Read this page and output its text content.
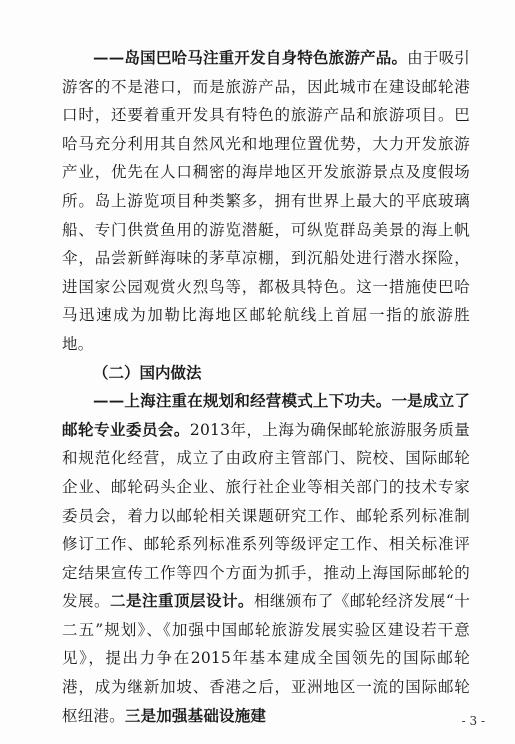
——岛国巴哈马注重开发自身特色旅游产品。由于吸引游客的不是港口，而是旅游产品，因此城市在建设邮轮港口时，还要着重开发具有特色的旅游产品和旅游项目。巴哈马充分利用其自然风光和地理位置优势，大力开发旅游产业，优先在人口稠密的海岸地区开发旅游景点及度假场所。岛上游览项目种类繁多，拥有世界上最大的平底玻璃船、专门供赏鱼用的游览潜艇，可纵览群岛美景的海上帆伞，品尝新鲜海味的茅草凉棚，到沉船处进行潜水探险，进国家公园观赏火烈鸟等，都极具特色。这一措施使巴哈马迅速成为加勒比海地区邮轮航线上首屈一指的旅游胜地。

（二）国内做法

——上海注重在规划和经营模式上下功夫。一是成立了邮轮专业委员会。2013年，上海为确保邮轮旅游服务质量和规范化经营，成立了由政府主管部门、院校、国际邮轮企业、邮轮码头企业、旅行社企业等相关部门的技术专家委员会，着力以邮轮相关课题研究工作、邮轮系列标准制修订工作、邮轮系列标准系列等级评定工作、相关标准评定结果宣传工作等四个方面为抓手，推动上海国际邮轮的发展。二是注重顶层设计。相继颁布了《邮轮经济发展“十二五”规划》、《加强中国邮轮旅游发展实验区建设若干意见》，提出力争在2015年基本建成全国领先的国际邮轮港，成为继新加坡、香港之后，亚洲地区一流的国际邮轮枢纽港。三是加强基础设施建	- 3 -
